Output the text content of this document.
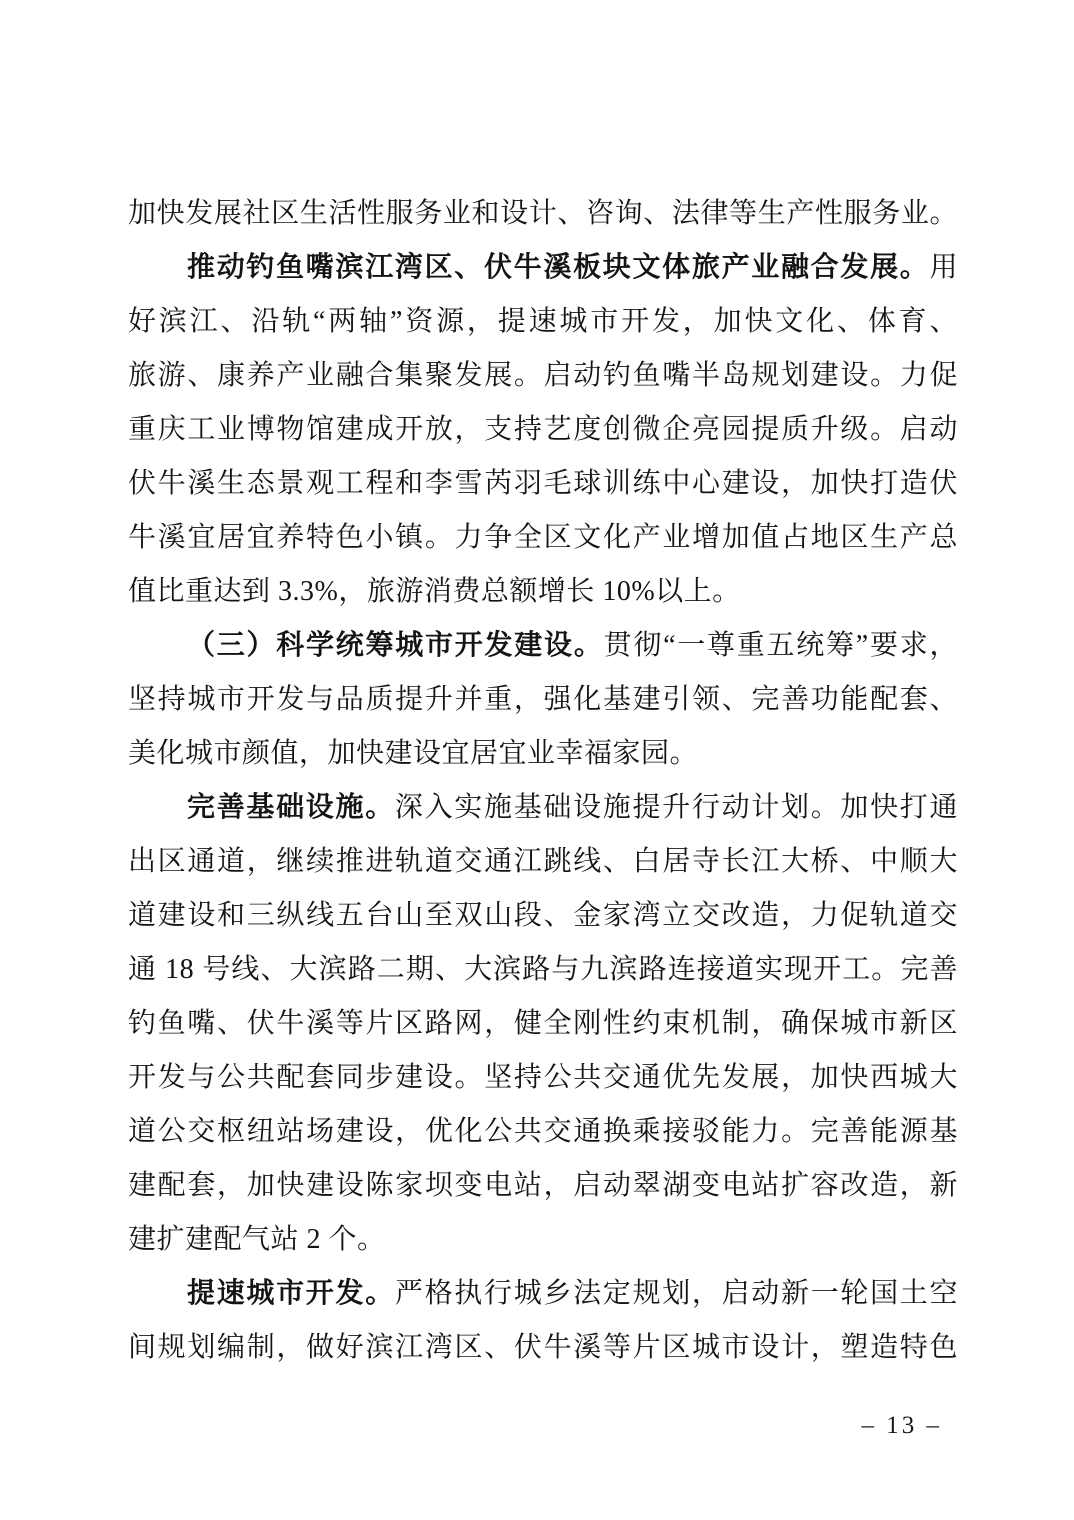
加快发展社区生活性服务业和设计、咨询、法律等生产性服务业。
推动钓鱼嘴滨江湾区、伏牛溪板块文体旅产业融合发展。用
好滨江、沿轨“两轴”资源，提速城市开发，加快文化、体育、
旅游、康养产业融合集聚发展。启动钓鱼嘴半岛规划建设。力促
重庆工业博物馆建成开放，支持艺度创微企亮园提质升级。启动
伏牛溪生态景观工程和李雪芮羽毛球训练中心建设，加快打造伏
牛溪宜居宜养特色小镇。力争全区文化产业增加值占地区生产总
值比重达到 3.3%，旅游消费总额增长 10%以上。
（三）科学统筹城市开发建设。贯彻“一尊重五统筹”要求，
坚持城市开发与品质提升并重，强化基建引领、完善功能配套、
美化城市颜值，加快建设宜居宜业幸福家园。
完善基础设施。深入实施基础设施提升行动计划。加快打通
出区通道，继续推进轨道交通江跳线、白居寺长江大桥、中顺大
道建设和三纵线五台山至双山段、金家湾立交改造，力促轨道交
通 18 号线、大滨路二期、大滨路与九滨路连接道实现开工。完善
钓鱼嘴、伏牛溪等片区路网，健全刚性约束机制，确保城市新区
开发与公共配套同步建设。坚持公共交通优先发展，加快西城大
道公交枢纽站场建设，优化公共交通换乘接驳能力。完善能源基
建配套，加快建设陈家坝变电站，启动翠湖变电站扩容改造，新
建扩建配气站 2 个。
提速城市开发。严格执行城乡法定规划，启动新一轮国土空
间规划编制，做好滨江湾区、伏牛溪等片区城市设计，塑造特色
– 13 –
